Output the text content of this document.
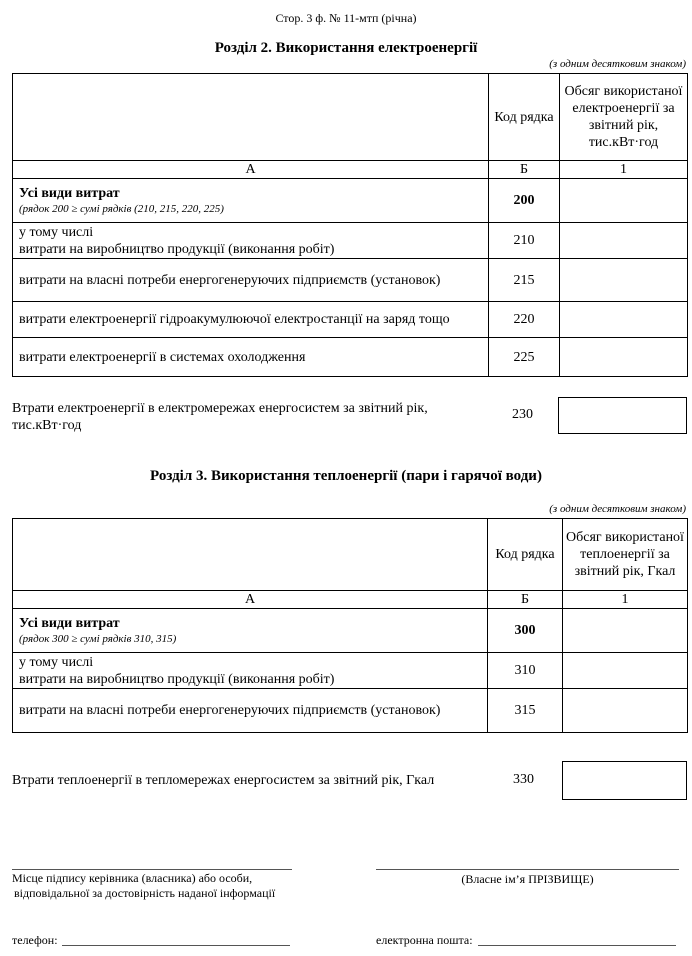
Стор. 3 ф. № 11-мтп (річна)
Розділ 2. Використання електроенергії
(з одним десятковим знаком)
	Код рядка	Обсяг використаної електроенергії за звітний рік, тис.кВт·год
А	Б	1

Усі види витрат
(рядок 200 ≥ сумі рядків (210, 215, 220, 225)	200	

у тому числі
витрати на виробництво продукції (виконання робіт)	210	

витрати на власні потреби енергогенеруючих підприємств (установок)	215	

витрати електроенергії гідроакумулюючої електростанції на заряд тощо	220	

витрати електроенергії в системах охолодження	225	
Втрати електроенергії в електромережах енергосистем за звітний рік, тис.кВт·год
230
Розділ 3. Використання теплоенергії (пари і гарячої води)
(з одним десятковим знаком)
	Код рядка	Обсяг використаної теплоенергії за звітний рік, Гкал
А	Б	1

Усі види витрат
(рядок 300 ≥ сумі рядків 310, 315)	300	

у тому числі
витрати на виробництво продукції (виконання робіт)	310	

витрати на власні потреби енергогенеруючих підприємств (установок)	315	
Втрати теплоенергії в тепломережах енергосистем за звітний рік, Гкал	330
Місце підпису керівника (власника) або особи,
відповідальної за достовірність наданої інформації
(Власне ім’я ПРІЗВИЩЕ)
телефон:	електронна пошта:
